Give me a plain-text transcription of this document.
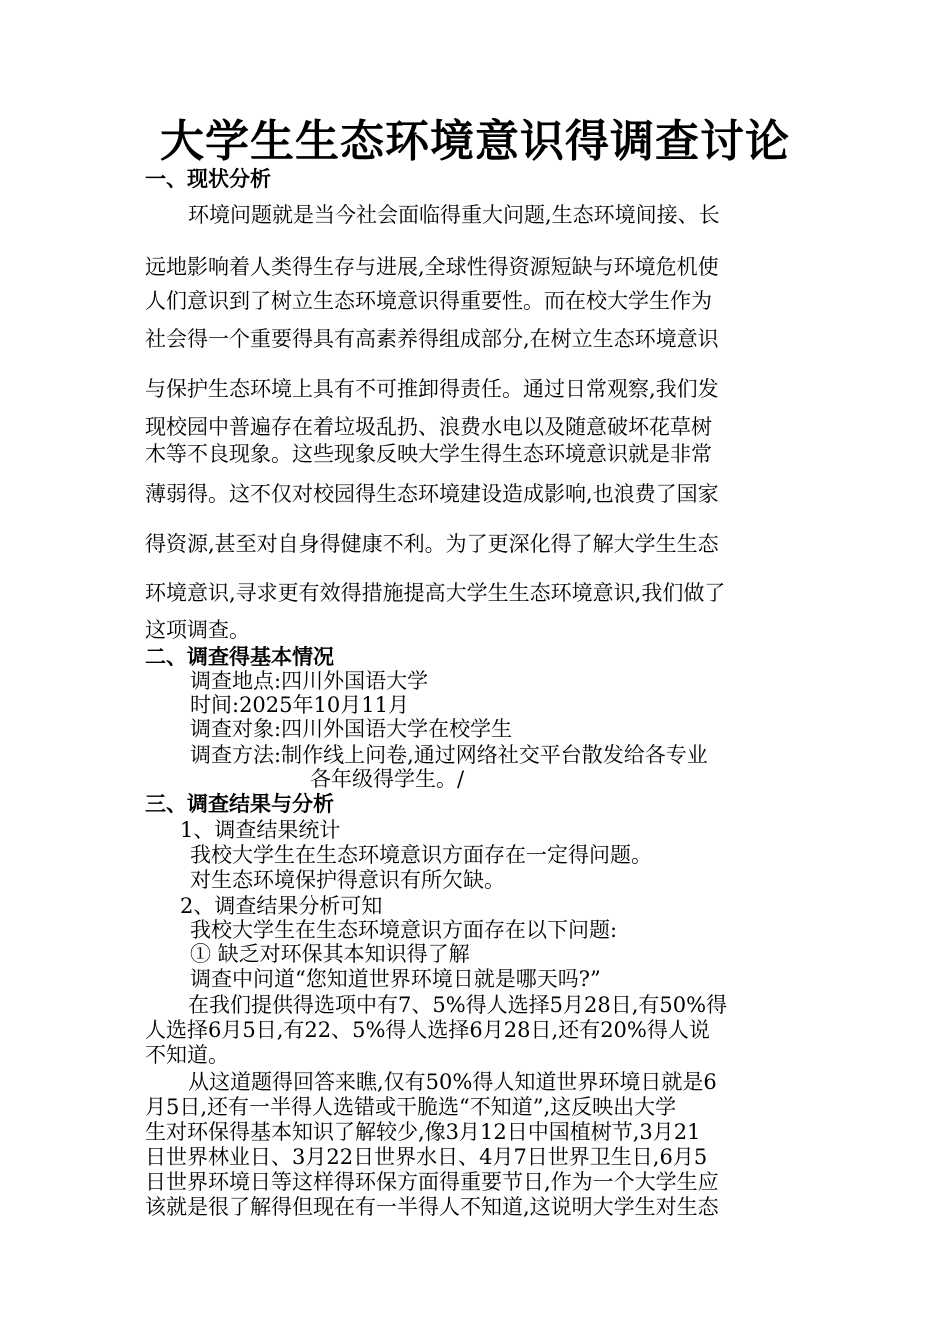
大学生生态环境意识得调查讨论
一、现状分析
环境问题就是当今社会面临得重大问题,生态环境间接、长
远地影响着人类得生存与进展,全球性得资源短缺与环境危机使
人们意识到了树立生态环境意识得重要性。而在校大学生作为
社会得一个重要得具有高素养得组成部分,在树立生态环境意识
与保护生态环境上具有不可推卸得责任。通过日常观察,我们发
现校园中普遍存在着垃圾乱扔、浪费水电以及随意破坏花草树
木等不良现象。这些现象反映大学生得生态环境意识就是非常
薄弱得。这不仅对校园得生态环境建设造成影响,也浪费了国家
得资源,甚至对自身得健康不利。为了更深化得了解大学生生态
环境意识,寻求更有效得措施提高大学生生态环境意识,我们做了
这项调查。
二、调查得基本情况
调查地点:四川外国语大学
时间:2025年10月11月
调查对象:四川外国语大学在校学生
调查方法:制作线上问卷,通过网络社交平台散发给各专业
各年级得学生。/
三、调查结果与分析
1、调查结果统计
我校大学生在生态环境意识方面存在一定得问题。
对生态环境保护得意识有所欠缺。
2、调查结果分析可知
我校大学生在生态环境意识方面存在以下问题:
① 缺乏对环保其本知识得了解
调查中问道“您知道世界环境日就是哪天吗?”
在我们提供得选项中有7、5%得人选择5月28日,有50%得
人选择6月5日,有22、5%得人选择6月28日,还有20%得人说
不知道。
从这道题得回答来瞧,仅有50%得人知道世界环境日就是6
月5日,还有一半得人选错或干脆选“不知道”,这反映出大学
生对环保得基本知识了解较少,像3月12日中国植树节,3月21
日世界林业日、3月22日世界水日、4月7日世界卫生日,6月5
日世界环境日等这样得环保方面得重要节日,作为一个大学生应
该就是很了解得但现在有一半得人不知道,这说明大学生对生态
